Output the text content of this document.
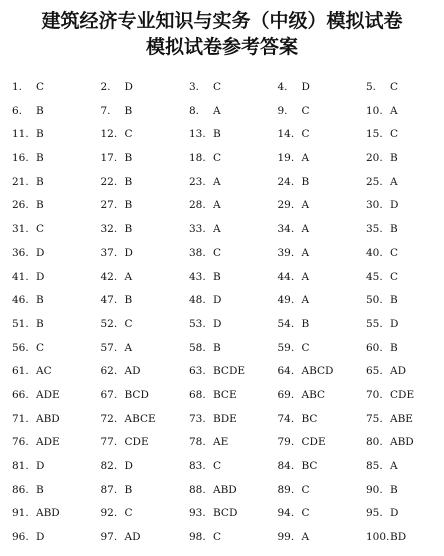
建筑经济专业知识与实务（中级）模拟试卷
模拟试卷参考答案
1. C	2. D	3. C	4. D	5. C
6. B	7. B	8. A	9. C	10. A
11. B	12. C	13. B	14. C	15. C
16. B	17. B	18. C	19. A	20. B
21. B	22. B	23. A	24. B	25. A
26. B	27. B	28. A	29. A	30. D
31. C	32. B	33. A	34. A	35. B
36. D	37. D	38. C	39. A	40. C
41. D	42. A	43. B	44. A	45. C
46. B	47. B	48. D	49. A	50. B
51. B	52. C	53. D	54. B	55. D
56. C	57. A	58. B	59. C	60. B
61. AC	62. AD	63. BCDE	64. ABCD	65. AD
66. ADE	67. BCD	68. BCE	69. ABC	70. CDE
71. ABD	72. ABCE	73. BDE	74. BC	75. ABE
76. ADE	77. CDE	78. AE	79. CDE	80. ABD
81. D	82. D	83. C	84. BC	85. A
86. B	87. B	88. ABD	89. C	90. B
91. ABD	92. C	93. BCD	94. C	95. D
96. D	97. AD	98. C	99. A	100.BD
